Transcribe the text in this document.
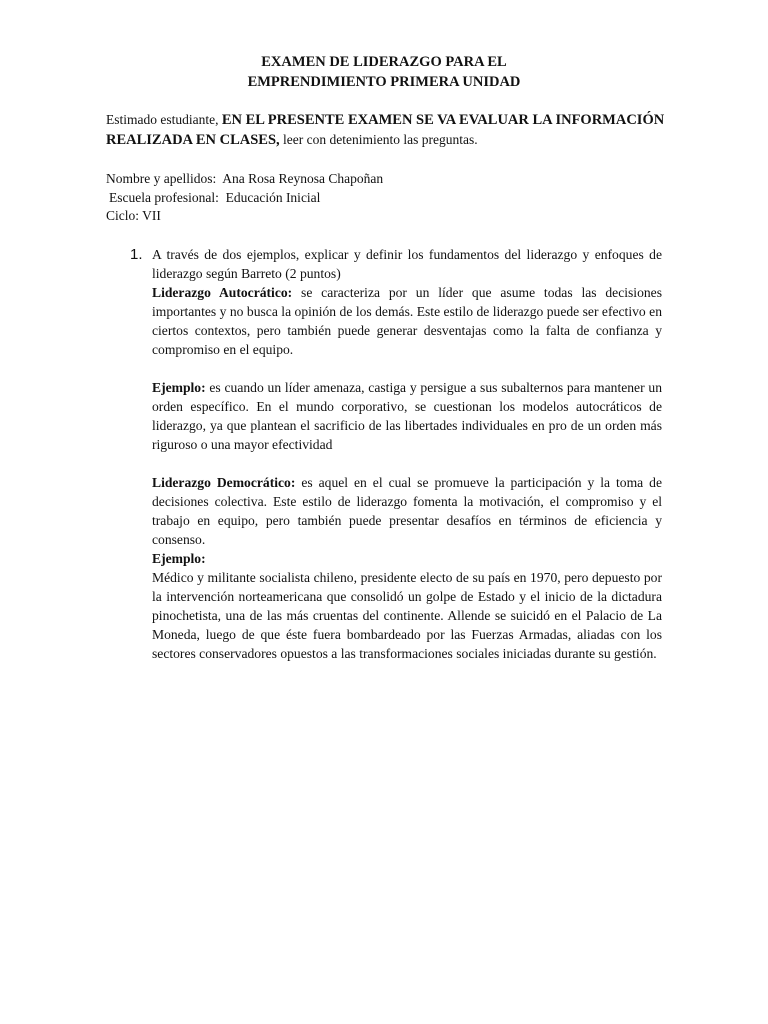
EXAMEN DE LIDERAZGO PARA EL
EMPRENDIMIENTO PRIMERA UNIDAD
Estimado estudiante, EN EL PRESENTE EXAMEN SE VA EVALUAR LA INFORMACIÓN REALIZADA EN CLASES, leer con detenimiento las preguntas.
Nombre y apellidos: Ana Rosa Reynosa Chapoñan
Escuela profesional: Educación Inicial
Ciclo: VII
1. A través de dos ejemplos, explicar y definir los fundamentos del liderazgo y enfoques de liderazgo según Barreto (2 puntos)

Liderazgo Autocrático: se caracteriza por un líder que asume todas las decisiones importantes y no busca la opinión de los demás. Este estilo de liderazgo puede ser efectivo en ciertos contextos, pero también puede generar desventajas como la falta de confianza y compromiso en el equipo.

Ejemplo: es cuando un líder amenaza, castiga y persigue a sus subalternos para mantener un orden específico. En el mundo corporativo, se cuestionan los modelos autocráticos de liderazgo, ya que plantean el sacrificio de las libertades individuales en pro de un orden más riguroso o una mayor efectividad

Liderazgo Democrático: es aquel en el cual se promueve la participación y la toma de decisiones colectiva. Este estilo de liderazgo fomenta la motivación, el compromiso y el trabajo en equipo, pero también puede presentar desafíos en términos de eficiencia y consenso.

Ejemplo:

Médico y militante socialista chileno, presidente electo de su país en 1970, pero depuesto por la intervención norteamericana que consolidó un golpe de Estado y el inicio de la dictadura pinochetista, una de las más cruentas del continente. Allende se suicidó en el Palacio de La Moneda, luego de que éste fuera bombardeado por las Fuerzas Armadas, aliadas con los sectores conservadores opuestos a las transformaciones sociales iniciadas durante su gestión.
